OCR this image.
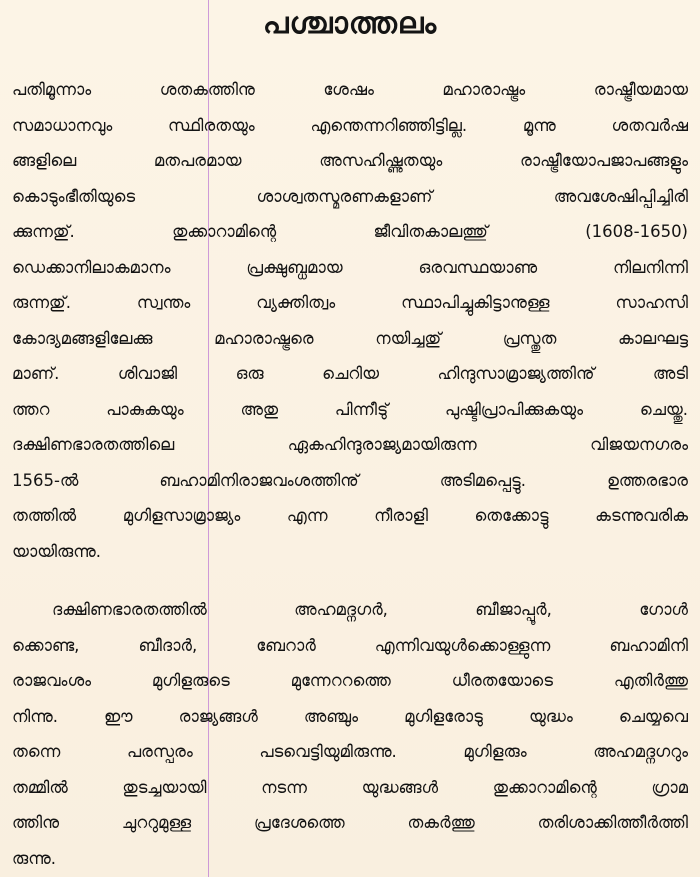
പശ്ചാത്തലം
പതിമൂന്നാം ശതകത്തിനു ശേഷം മഹാരാഷ്ട്രം രാഷ്ട്രീയമായ
സമാധാനവും സ്ഥിരതയും എന്തെന്നറിഞ്ഞിട്ടില്ല. മൂന്നു ശതവർഷ
ങ്ങളിലെ മതപരമായ അസഹിഷ്ണുതയും രാഷ്ട്രീയോപജാപങ്ങളും
കൊടുംഭീതിയുടെ ശാശ്വതസ്മരണകളാണ് അവശേഷിപ്പിച്ചിരി
ക്കുന്നതു്. തുക്കാറാമിന്റെ ജീവിതകാലത്തു് (1608-1650)
ഡെക്കാനിലാകമാനം പ്രക്ഷുബ്ധമായ ഒരവസ്ഥയാണു നിലനിന്നി
രുന്നതു്. സ്വന്തം വ്യക്തിത്വം സ്ഥാപിച്ചുകിട്ടാനുള്ള സാഹസി
കോദ്യമങ്ങളിലേക്കു മഹാരാഷ്ട്രരെ നയിച്ചതു് പ്രസ്തുത കാലഘട്ട
മാണ്. ശിവാജി ഒരു ചെറിയ ഹിന്ദുസാമ്രാജ്യത്തിനു് അടി
ത്തറ പാകുകയും അതു പിന്നീടു് പുഷ്ടിപ്രാപിക്കുകയും ചെയ്തു.
ദക്ഷിണഭാരതത്തിലെ ഏകഹിന്ദുരാജ്യമായിരുന്ന വിജയനഗരം
1565-ൽ ബഹാമിനിരാജവംശത്തിനു് അടിമപ്പെട്ടു. ഉത്തരഭാര
തത്തിൽ മുഗിളസാമ്രാജ്യം എന്ന നീരാളി തെക്കോട്ടു കടന്നുവരിക
യായിരുന്നു.
ദക്ഷിണഭാരതത്തിൽ അഹമദ്നഗർ, ബീജാപ്പൂർ, ഗോൾ
ക്കൊണ്ട, ബീദാർ, ബേറാർ എന്നിവയുൾക്കൊള്ളുന്ന ബഹാമിനി
രാജവംശം മുഗിളരുടെ മുന്നേററത്തെ ധീരതയോടെ എതിർത്തു
നിന്നു. ഈ രാജ്യങ്ങൾ അഞ്ചും മുഗിളരോടു യുദ്ധം ചെയ്യവെ
തന്നെ പരസ്പരം പടവെട്ടിയുമിരുന്നു. മുഗിളരും അഹമദ്നഗറും
തമ്മിൽ തുടച്ചയായി നടന്ന യുദ്ധങ്ങൾ തുക്കാറാമിന്റെ ഗ്രാമ
ത്തിനു ചുററുമുള്ള പ്രദേശത്തെ തകർത്തു തരിശാക്കിത്തീർത്തി
രുന്നു.
